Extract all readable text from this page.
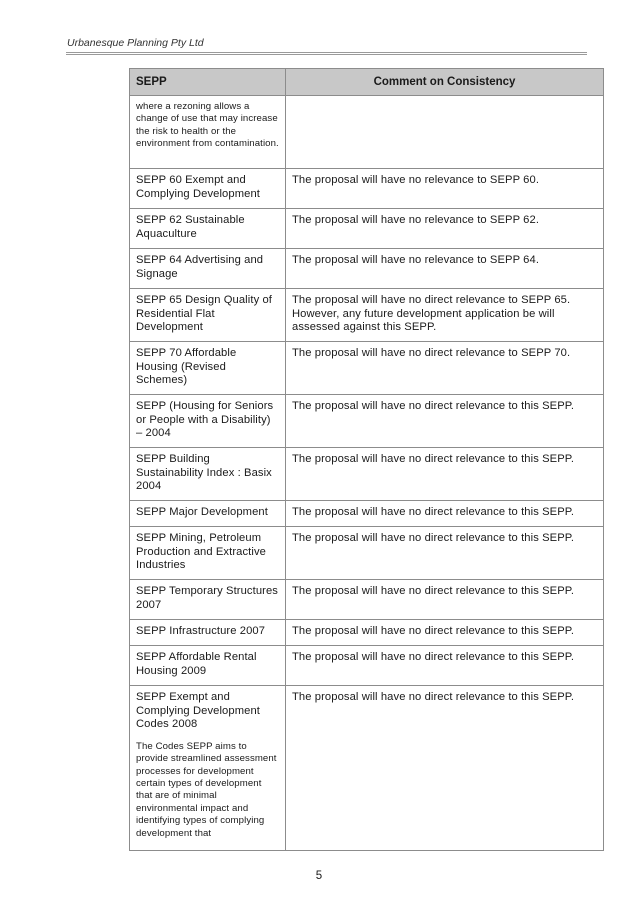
Urbanesque Planning Pty Ltd
SEPP	Comment on Consistency
where a rezoning allows a change of use that may increase the risk to health or the environment from contamination.	
SEPP 60 Exempt and Complying Development	The proposal will have no relevance to SEPP 60.
SEPP 62 Sustainable Aquaculture	The proposal will have no relevance to SEPP 62.
SEPP 64 Advertising and Signage	The proposal will have no relevance to SEPP 64.
SEPP 65 Design Quality of Residential Flat Development	The proposal will have no direct relevance to SEPP 65. However, any future development application be will assessed against this SEPP.
SEPP 70 Affordable Housing (Revised Schemes)	The proposal will have no direct relevance to SEPP 70.
SEPP (Housing for Seniors or People with a Disability) – 2004	The proposal will have no direct relevance to this SEPP.
SEPP Building Sustainability Index : Basix 2004	The proposal will have no direct relevance to this SEPP.
SEPP Major Development	The proposal will have no direct relevance to this SEPP.
SEPP Mining, Petroleum Production and Extractive Industries	The proposal will have no direct relevance to this SEPP.
SEPP Temporary Structures 2007	The proposal will have no direct relevance to this SEPP.
SEPP Infrastructure 2007	The proposal will have no direct relevance to this SEPP.
SEPP Affordable Rental Housing 2009	The proposal will have no direct relevance to this SEPP.
SEPP Exempt and Complying Development Codes 2008
The Codes SEPP aims to provide streamlined assessment processes for development certain types of development that are of minimal environmental impact and identifying types of complying development that	The proposal will have no direct relevance to this SEPP.
5
